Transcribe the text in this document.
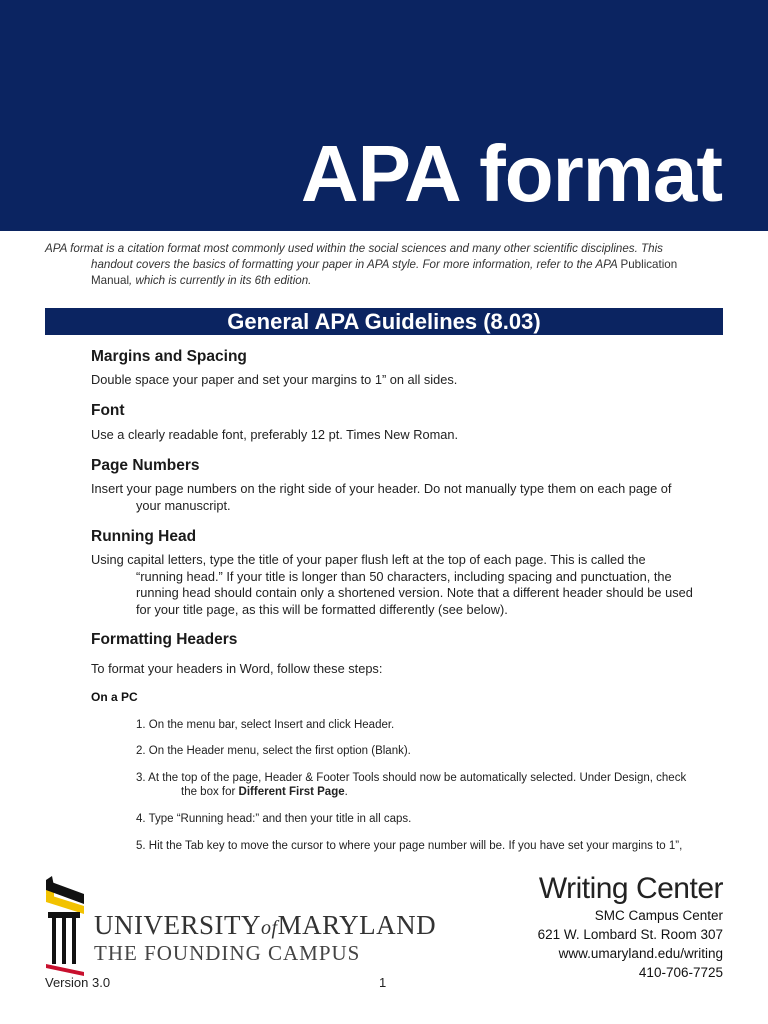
APA format
APA format is a citation format most commonly used within the social sciences and many other scientific disciplines. This
handout covers the basics of formatting your paper in APA style. For more information, refer to the APA Publication
Manual, which is currently in its 6th edition.
General APA Guidelines (8.03)
Margins and Spacing
Double space your paper and set your margins to 1” on all sides.
Font
Use a clearly readable font, preferably 12 pt. Times New Roman.
Page Numbers
Insert your page numbers on the right side of your header. Do not manually type them on each page of
your manuscript.
Running Head
Using capital letters, type the title of your paper flush left at the top of each page. This is called the
“running head.” If your title is longer than 50 characters, including spacing and punctuation, the
running head should contain only a shortened version. Note that a different header should be used
for your title page, as this will be formatted differently (see below).
Formatting Headers
To format your headers in Word, follow these steps:
On a PC
1. On the menu bar, select Insert and click Header.
2. On the Header menu, select the first option (Blank).
3. At the top of the page, Header & Footer Tools should now be automatically selected. Under Design, check
the box for Different First Page.
4. Type “Running head:” and then your title in all caps.
5. Hit the Tab key to move the cursor to where your page number will be. If you have set your margins to 1”,
UNIVERSITYofMARYLAND
THE FOUNDING CAMPUS
Writing Center
SMC Campus Center
621 W. Lombard St. Room 307
www.umaryland.edu/writing
410-706-7725
Version 3.0	1
